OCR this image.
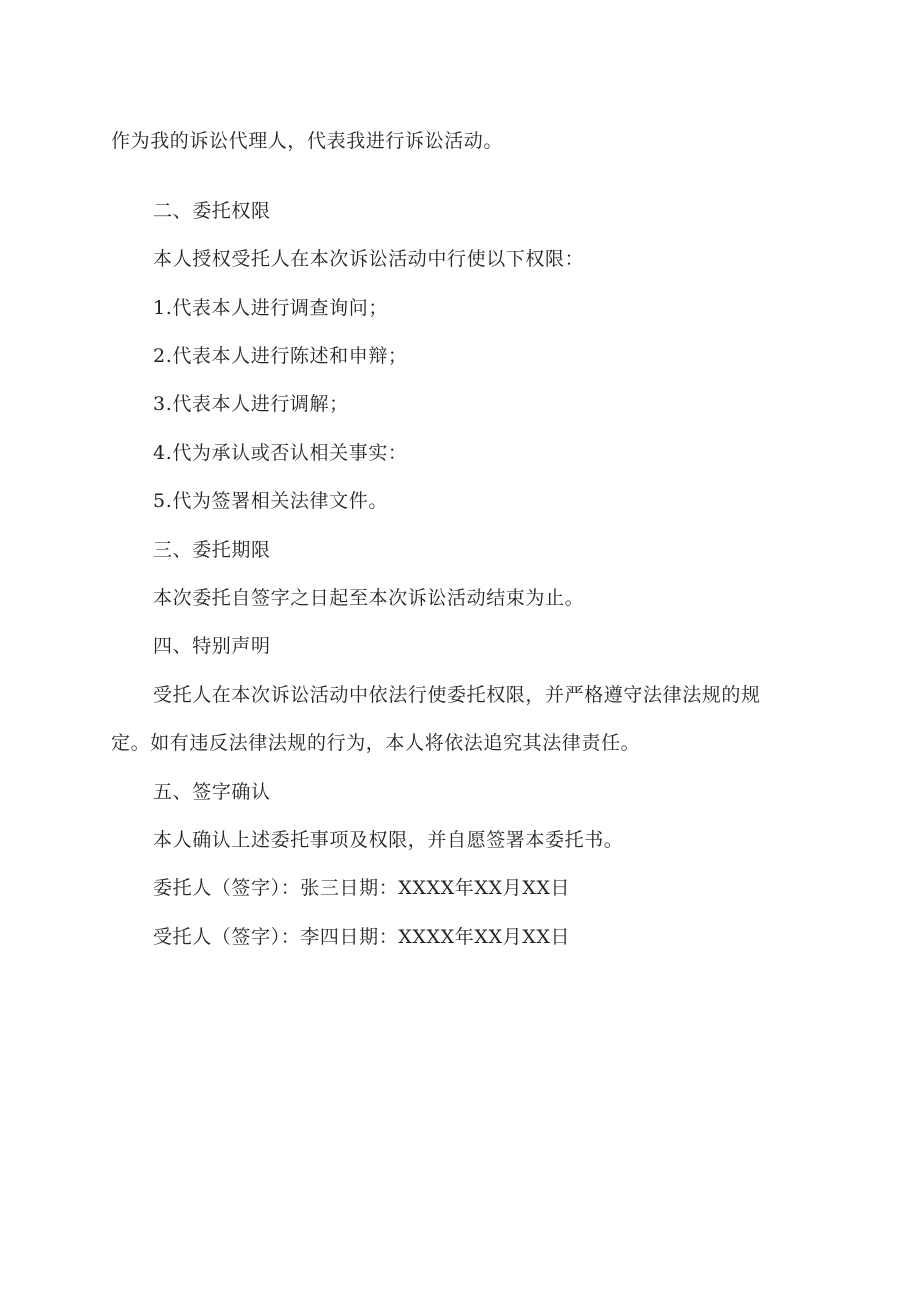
作为我的诉讼代理人，代表我进行诉讼活动。
二、委托权限
本人授权受托人在本次诉讼活动中行使以下权限：
1.代表本人进行调查询问；
2.代表本人进行陈述和申辩；
3.代表本人进行调解；
4.代为承认或否认相关事实：
5.代为签署相关法律文件。
三、委托期限
本次委托自签字之日起至本次诉讼活动结束为止。
四、特别声明
受托人在本次诉讼活动中依法行使委托权限，并严格遵守法律法规的规
定。如有违反法律法规的行为，本人将依法追究其法律责任。
五、签字确认
本人确认上述委托事项及权限，并自愿签署本委托书。
委托人（签字）：张三日期：XXXX年XX月XX日
受托人（签字）：李四日期：XXXX年XX月XX日
